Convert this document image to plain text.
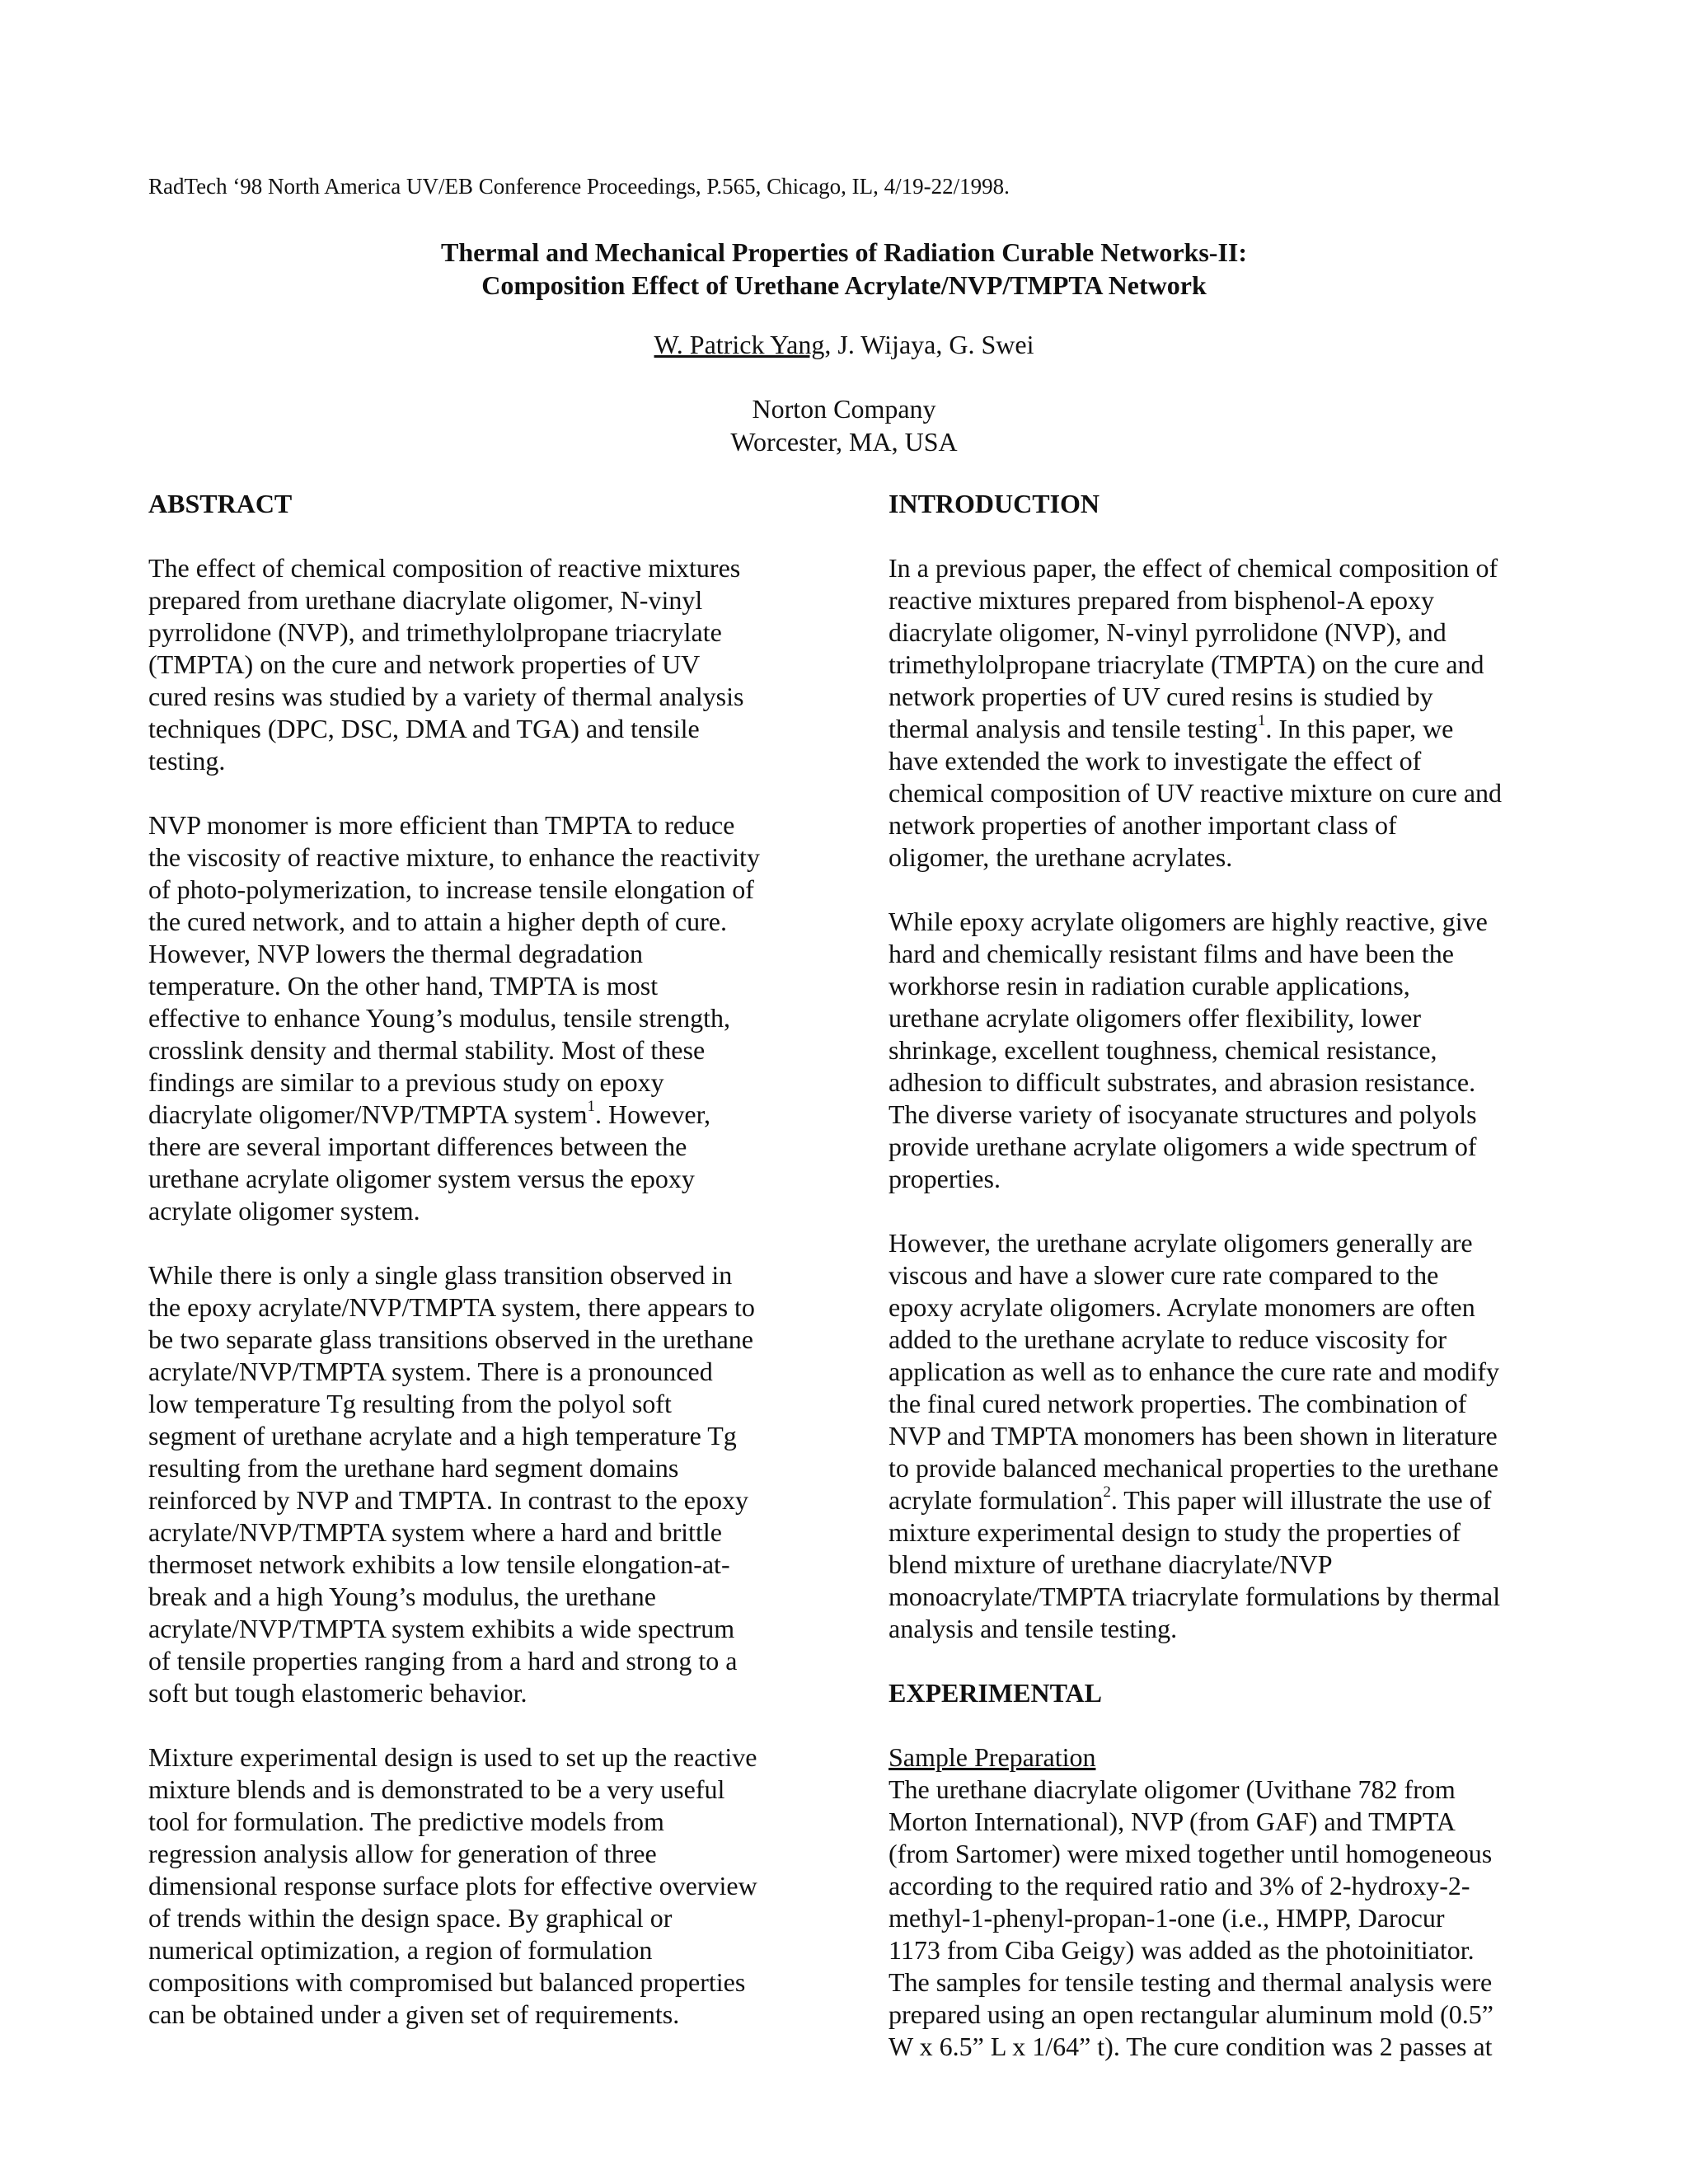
RadTech ‘98 North America UV/EB Conference Proceedings, P.565, Chicago, IL, 4/19-22/1998.
Thermal and Mechanical Properties of Radiation Curable Networks-II:
Composition Effect of Urethane Acrylate/NVP/TMPTA Network
W. Patrick Yang, J. Wijaya, G. Swei
Norton Company
Worcester, MA, USA
ABSTRACT
The effect of chemical composition of reactive mixtures
prepared from urethane diacrylate oligomer, N-vinyl
pyrrolidone (NVP), and trimethylolpropane triacrylate
(TMPTA) on the cure and network properties of UV
cured resins was studied by a variety of thermal analysis
techniques (DPC, DSC, DMA and TGA) and tensile
testing.
NVP monomer is more efficient than TMPTA to reduce
the viscosity of reactive mixture, to enhance the reactivity
of photo-polymerization, to increase tensile elongation of
the cured network, and to attain a higher depth of cure.
However, NVP lowers the thermal degradation
temperature. On the other hand, TMPTA is most
effective to enhance Young’s modulus, tensile strength,
crosslink density and thermal stability. Most of these
findings are similar to a previous study on epoxy
diacrylate oligomer/NVP/TMPTA system$^1$. However,
there are several important differences between the
urethane acrylate oligomer system versus the epoxy
acrylate oligomer system.
While there is only a single glass transition observed in
the epoxy acrylate/NVP/TMPTA system, there appears to
be two separate glass transitions observed in the urethane
acrylate/NVP/TMPTA system. There is a pronounced
low temperature Tg resulting from the polyol soft
segment of urethane acrylate and a high temperature Tg
resulting from the urethane hard segment domains
reinforced by NVP and TMPTA. In contrast to the epoxy
acrylate/NVP/TMPTA system where a hard and brittle
thermoset network exhibits a low tensile elongation-at-
break and a high Young’s modulus, the urethane
acrylate/NVP/TMPTA system exhibits a wide spectrum
of tensile properties ranging from a hard and strong to a
soft but tough elastomeric behavior.
Mixture experimental design is used to set up the reactive
mixture blends and is demonstrated to be a very useful
tool for formulation. The predictive models from
regression analysis allow for generation of three
dimensional response surface plots for effective overview
of trends within the design space. By graphical or
numerical optimization, a region of formulation
compositions with compromised but balanced properties
can be obtained under a given set of requirements.
INTRODUCTION
In a previous paper, the effect of chemical composition of
reactive mixtures prepared from bisphenol-A epoxy
diacrylate oligomer, N-vinyl pyrrolidone (NVP), and
trimethylolpropane triacrylate (TMPTA) on the cure and
network properties of UV cured resins is studied by
thermal analysis and tensile testing$^1$. In this paper, we
have extended the work to investigate the effect of
chemical composition of UV reactive mixture on cure and
network properties of another important class of
oligomer, the urethane acrylates.
While epoxy acrylate oligomers are highly reactive, give
hard and chemically resistant films and have been the
workhorse resin in radiation curable applications,
urethane acrylate oligomers offer flexibility, lower
shrinkage, excellent toughness, chemical resistance,
adhesion to difficult substrates, and abrasion resistance.
The diverse variety of isocyanate structures and polyols
provide urethane acrylate oligomers a wide spectrum of
properties.
However, the urethane acrylate oligomers generally are
viscous and have a slower cure rate compared to the
epoxy acrylate oligomers. Acrylate monomers are often
added to the urethane acrylate to reduce viscosity for
application as well as to enhance the cure rate and modify
the final cured network properties. The combination of
NVP and TMPTA monomers has been shown in literature
to provide balanced mechanical properties to the urethane
acrylate formulation$^2$. This paper will illustrate the use of
mixture experimental design to study the properties of
blend mixture of urethane diacrylate/NVP
monoacrylate/TMPTA triacrylate formulations by thermal
analysis and tensile testing.
EXPERIMENTAL
Sample Preparation
The urethane diacrylate oligomer (Uvithane 782 from
Morton International), NVP (from GAF) and TMPTA
(from Sartomer) were mixed together until homogeneous
according to the required ratio and 3% of 2-hydroxy-2-
methyl-1-phenyl-propan-1-one (i.e., HMPP, Darocur
1173 from Ciba Geigy) was added as the photoinitiator.
The samples for tensile testing and thermal analysis were
prepared using an open rectangular aluminum mold (0.5”
W x 6.5” L x 1/64” t). The cure condition was 2 passes at
